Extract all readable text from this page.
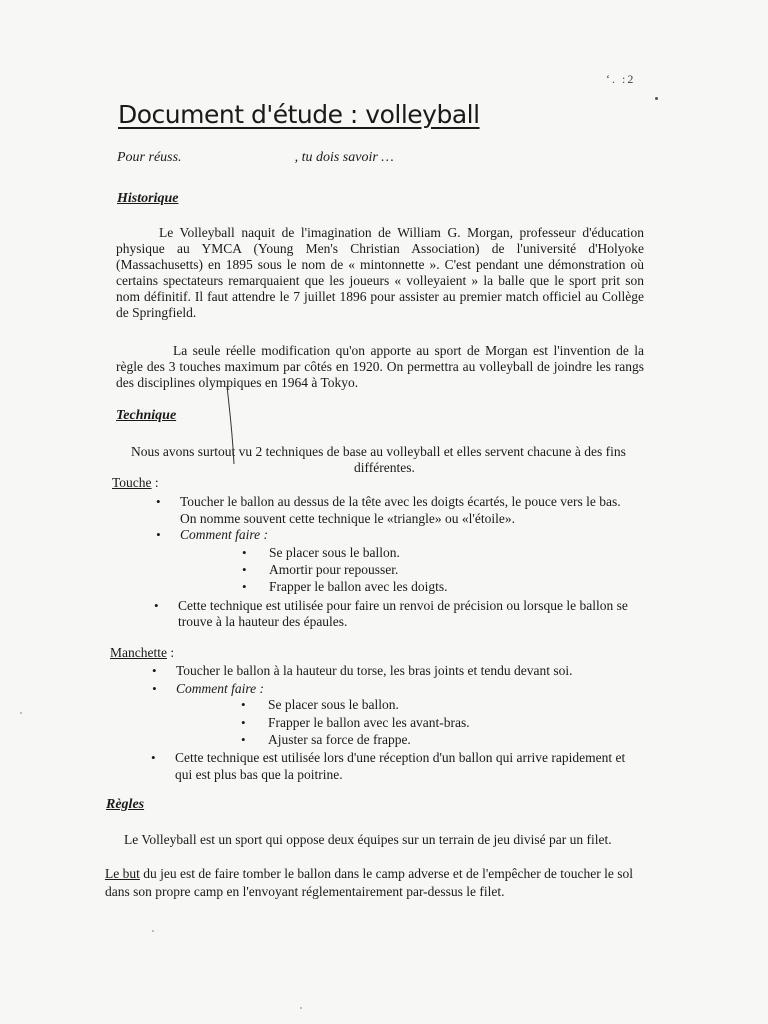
ʻ. :2
Document d'étude : volleyball
Pour réuss.	, tu dois savoir …
Historique

Le Volleyball naquit de l'imagination de William G. Morgan, professeur d'éducation physique au YMCA (Young Men's Christian Association) de l'université d'Holyoke (Massachusetts) en 1895 sous le nom de « mintonnette ». C'est pendant une démonstration où certains spectateurs remarquaient que les joueurs « volleyaient » la balle que le sport prit son nom définitif. Il faut attendre le 7 juillet 1896 pour assister au premier match officiel au Collège de Springfield.

La seule réelle modification qu'on apporte au sport de Morgan est l'invention de la règle des 3 touches maximum par côtés en 1920. On permettra au volleyball de joindre les rangs des disciplines olympiques en 1964 à Tokyo.

Technique
Nous avons surtout vu 2 techniques de base au volleyball et elles servent chacune à des fins
différentes.
Touche :
• Toucher le ballon au dessus de la tête avec les doigts écartés, le pouce vers le bas.
On nomme souvent cette technique le «triangle» ou «l'étoile».
• Comment faire :
• Se placer sous le ballon.
• Amortir pour repousser.
• Frapper le ballon avec les doigts.
• Cette technique est utilisée pour faire un renvoi de précision ou lorsque le ballon se
trouve à la hauteur des épaules.
Manchette :
• Toucher le ballon à la hauteur du torse, les bras joints et tendu devant soi.
• Comment faire :
• Se placer sous le ballon.
• Frapper le ballon avec les avant-bras.
• Ajuster sa force de frappe.
• Cette technique est utilisée lors d'une réception d'un ballon qui arrive rapidement et
qui est plus bas que la poitrine.
Règles
Le Volleyball est un sport qui oppose deux équipes sur un terrain de jeu divisé par un filet.
Le but du jeu est de faire tomber le ballon dans le camp adverse et de l'empêcher de toucher le sol
dans son propre camp en l'envoyant réglementairement par-dessus le filet.
